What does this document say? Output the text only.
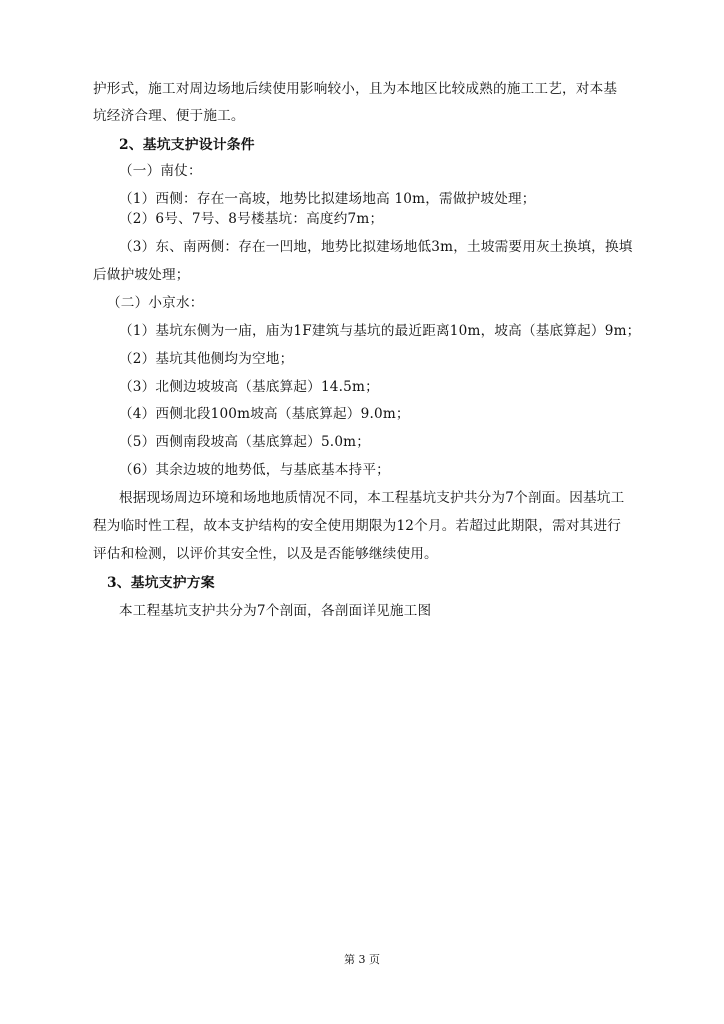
护形式，施工对周边场地后续使用影响较小，且为本地区比较成熟的施工工艺，对本基
坑经济合理、便于施工。
2、基坑支护设计条件
（一）南仗：
（1）西侧：存在一高坡，地势比拟建场地高 10m，需做护坡处理；
（2）6号、7号、8号楼基坑：高度约7m；
（3）东、南两侧：存在一凹地，地势比拟建场地低3m，土坡需要用灰土换填，换填
后做护坡处理；
（二）小京水：
（1）基坑东侧为一庙，庙为1F建筑与基坑的最近距离10m，坡高（基底算起）9m；
（2）基坑其他侧均为空地；
（3）北侧边坡坡高（基底算起）14.5m；
（4）西侧北段100m坡高（基底算起）9.0m；
（5）西侧南段坡高（基底算起）5.0m；
（6）其余边坡的地势低，与基底基本持平；
根据现场周边环境和场地地质情况不同，本工程基坑支护共分为7个剖面。因基坑工
程为临时性工程，故本支护结构的安全使用期限为12个月。若超过此期限，需对其进行
评估和检测，以评价其安全性，以及是否能够继续使用。
3、基坑支护方案
本工程基坑支护共分为7个剖面，各剖面详见施工图
第 3 页
